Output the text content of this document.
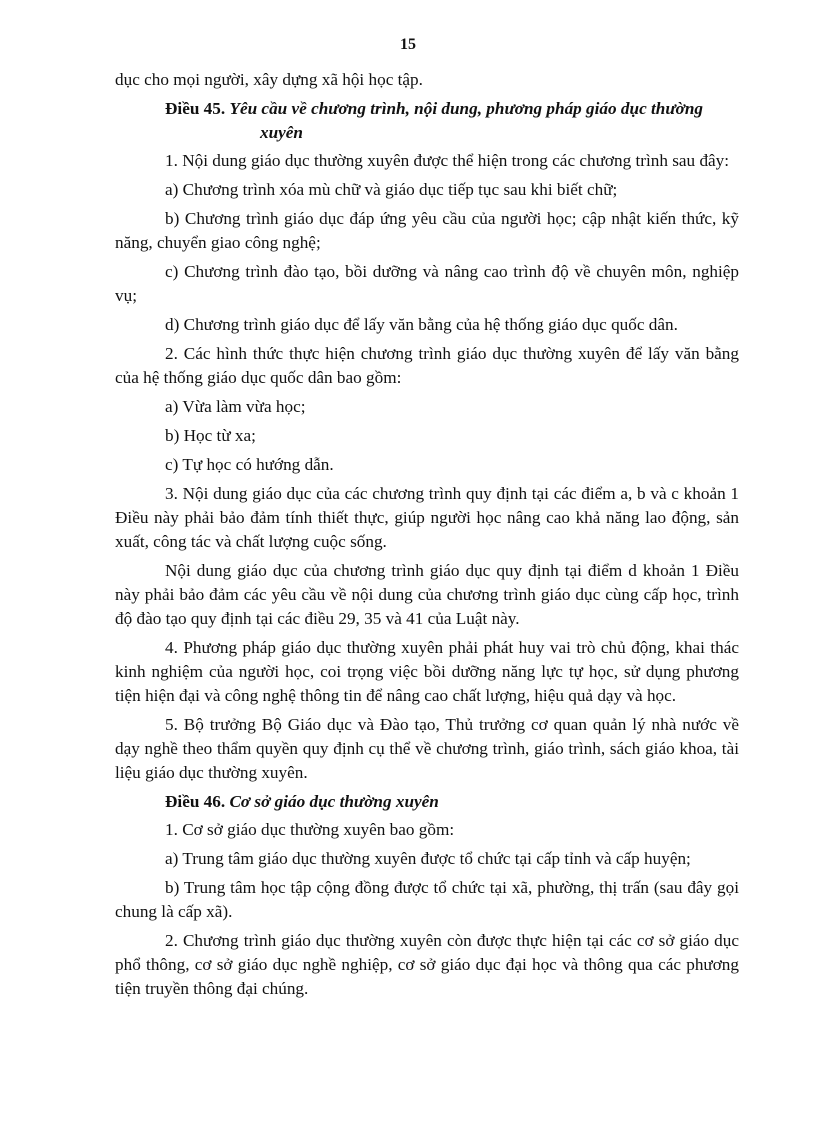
15

dục cho mọi người, xây dựng xã hội học tập.

Điều 45. Yêu cầu về chương trình, nội dung, phương pháp giáo dục thường xuyên

1. Nội dung giáo dục thường xuyên được thể hiện trong các chương trình sau đây:

a) Chương trình xóa mù chữ và giáo dục tiếp tục sau khi biết chữ;

b) Chương trình giáo dục đáp ứng yêu cầu của người học; cập nhật kiến thức, kỹ năng, chuyển giao công nghệ;

c) Chương trình đào tạo, bồi dưỡng và nâng cao trình độ về chuyên môn, nghiệp vụ;

d) Chương trình giáo dục để lấy văn bằng của hệ thống giáo dục quốc dân.

2. Các hình thức thực hiện chương trình giáo dục thường xuyên để lấy văn bằng của hệ thống giáo dục quốc dân bao gồm:

a) Vừa làm vừa học;

b) Học từ xa;

c) Tự học có hướng dẫn.

3. Nội dung giáo dục của các chương trình quy định tại các điểm a, b và c khoản 1 Điều này phải bảo đảm tính thiết thực, giúp người học nâng cao khả năng lao động, sản xuất, công tác và chất lượng cuộc sống.

Nội dung giáo dục của chương trình giáo dục quy định tại điểm d khoản 1 Điều này phải bảo đảm các yêu cầu về nội dung của chương trình giáo dục cùng cấp học, trình độ đào tạo quy định tại các điều 29, 35 và 41 của Luật này.

4. Phương pháp giáo dục thường xuyên phải phát huy vai trò chủ động, khai thác kinh nghiệm của người học, coi trọng việc bồi dưỡng năng lực tự học, sử dụng phương tiện hiện đại và công nghệ thông tin để nâng cao chất lượng, hiệu quả dạy và học.

5. Bộ trưởng Bộ Giáo dục và Đào tạo, Thủ trưởng cơ quan quản lý nhà nước về dạy nghề theo thẩm quyền quy định cụ thể về chương trình, giáo trình, sách giáo khoa, tài liệu giáo dục thường xuyên.

Điều 46. Cơ sở giáo dục thường xuyên

1. Cơ sở giáo dục thường xuyên bao gồm:

a) Trung tâm giáo dục thường xuyên được tổ chức tại cấp tỉnh và cấp huyện;

b) Trung tâm học tập cộng đồng được tổ chức tại xã, phường, thị trấn (sau đây gọi chung là cấp xã).

2. Chương trình giáo dục thường xuyên còn được thực hiện tại các cơ sở giáo dục phổ thông, cơ sở giáo dục nghề nghiệp, cơ sở giáo dục đại học và thông qua các phương tiện truyền thông đại chúng.
